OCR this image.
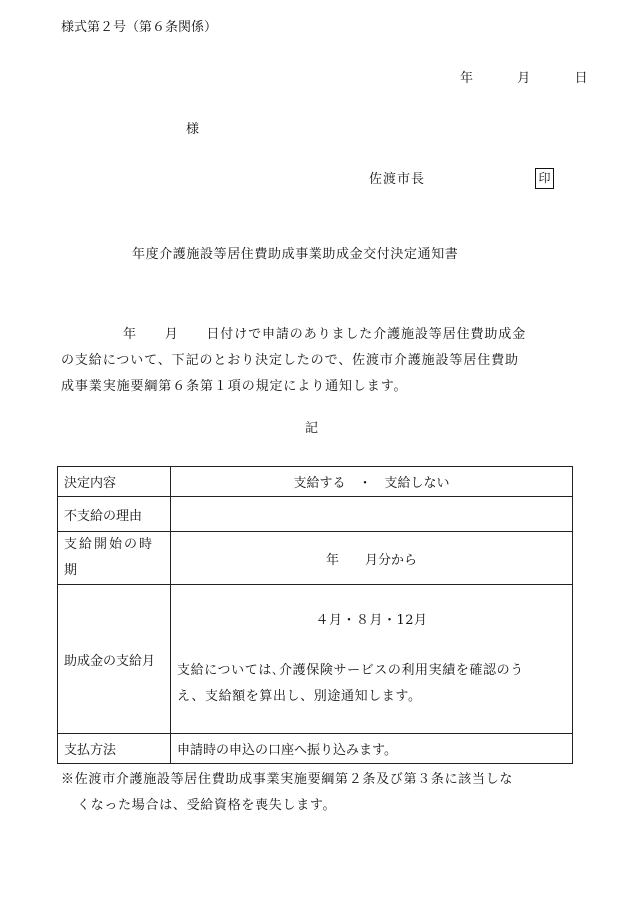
様式第２号（第６条関係）
年	月	日
様
佐渡市長	印
年度介護施設等居住費助成事業助成金交付決定通知書
年　　月　　日付けで申請のありました介護施設等居住費助成金
の支給について、下記のとおり決定したので、佐渡市介護施設等居住費助
成事業実施要綱第６条第１項の規定により通知します。
記
決定内容	支給する　・　支給しない
不支給の理由	

支給開始の時
期	年　　月分から
助成金の支給月	４月・８月・12月
支給については､介護保険サービスの利用実績を確認のう
え、支給額を算出し、別途通知します。

支払方法	申請時の申込の口座へ振り込みます。
※佐渡市介護施設等居住費助成事業実施要綱第２条及び第３条に該当しな
くなった場合は、受給資格を喪失します。
